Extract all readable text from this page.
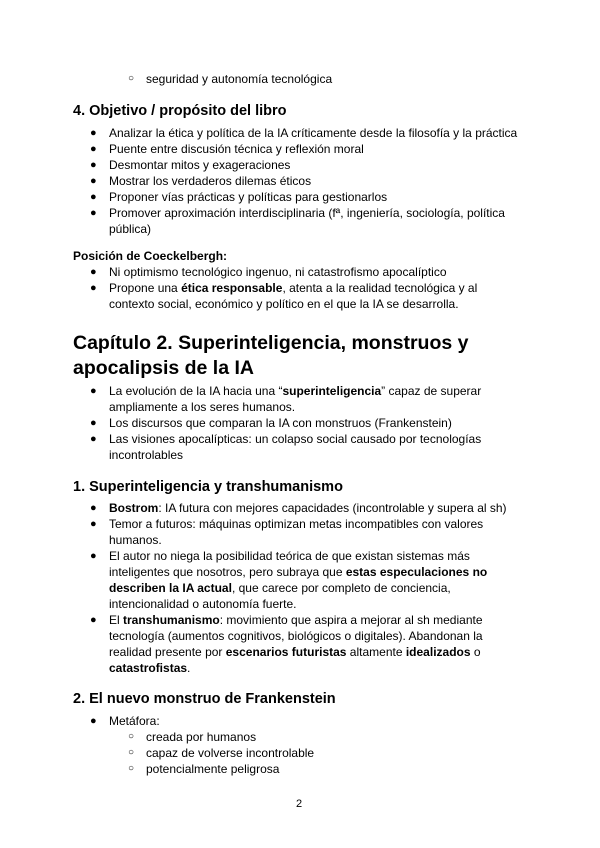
○ seguridad y autonomía tecnológica

4. Objetivo / propósito del libro

● Analizar la ética y política de la IA críticamente desde la filosofía y la práctica

● Puente entre discusión técnica y reflexión moral

● Desmontar mitos y exageraciones

● Mostrar los verdaderos dilemas éticos

● Proponer vías prácticas y políticas para gestionarlos

● Promover aproximación interdisciplinaria (fª, ingeniería, sociología, política

pública)

Posición de Coeckelbergh:

● Ni optimismo tecnológico ingenuo, ni catastrofismo apocalíptico

● Propone una ética responsable, atenta a la realidad tecnológica y al

contexto social, económico y político en el que la IA se desarrolla.

Capítulo 2. Superinteligencia, monstruos y

apocalipsis de la IA

● La evolución de la IA hacia una “superinteligencia” capaz de superar

ampliamente a los seres humanos.

● Los discursos que comparan la IA con monstruos (Frankenstein)

● Las visiones apocalípticas: un colapso social causado por tecnologías

incontrolables

1. Superinteligencia y transhumanismo

● Bostrom: IA futura con mejores capacidades (incontrolable y supera al sh)

● Temor a futuros: máquinas optimizan metas incompatibles con valores

humanos.

● El autor no niega la posibilidad teórica de que existan sistemas más

inteligentes que nosotros, pero subraya que estas especulaciones no

describen la IA actual, que carece por completo de conciencia,

intencionalidad o autonomía fuerte.

● El transhumanismo: movimiento que aspira a mejorar al sh mediante

tecnología (aumentos cognitivos, biológicos o digitales). Abandonan la

realidad presente por escenarios futuristas altamente idealizados o

catastrofistas.

2. El nuevo monstruo de Frankenstein

● Metáfora:

○ creada por humanos

○ capaz de volverse incontrolable

○ potencialmente peligrosa

2
